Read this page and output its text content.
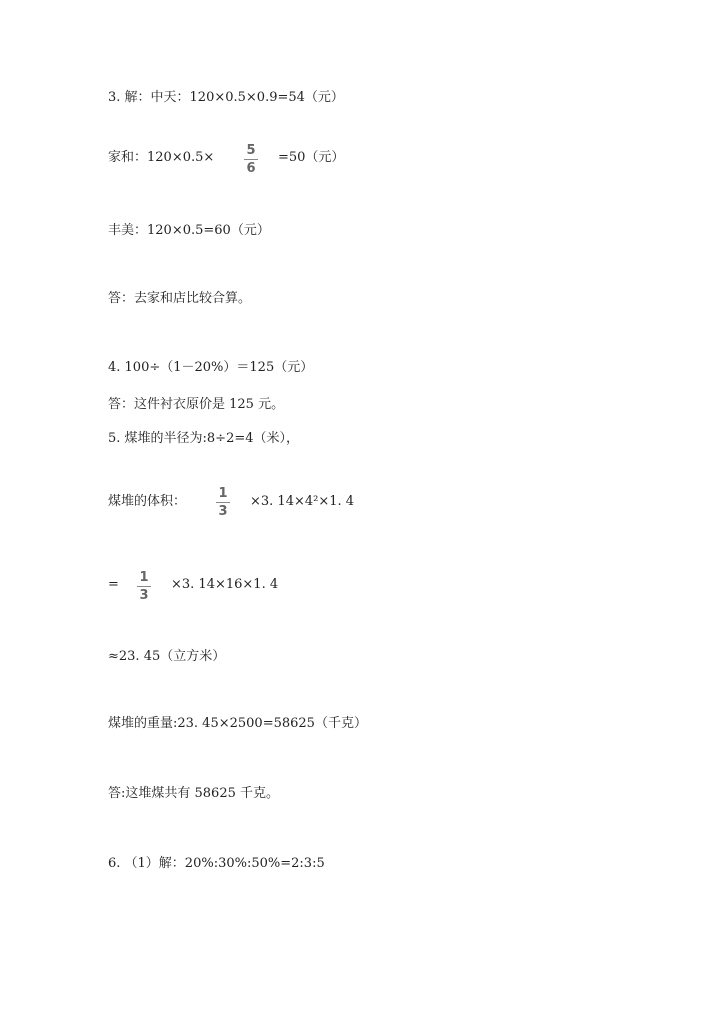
3. 解：中天：120×0.5×0.9=54（元）
家和：120×0.5× 5
6
=50（元）
丰美：120×0.5=60（元）
答：去家和店比较合算。
4. 100÷（1－20%）＝125（元）
答：这件衬衣原价是 125 元。
5. 煤堆的半径为:8÷2=4（米），
煤堆的体积：
1
3
×3. 14×4²×1. 4
= 1
3
×3. 14×16×1. 4
≈23. 45（立方米）
煤堆的重量:23. 45×2500=58625（千克）
答:这堆煤共有 58625 千克。
6. （1）解：20%:30%:50%=2:3:5
